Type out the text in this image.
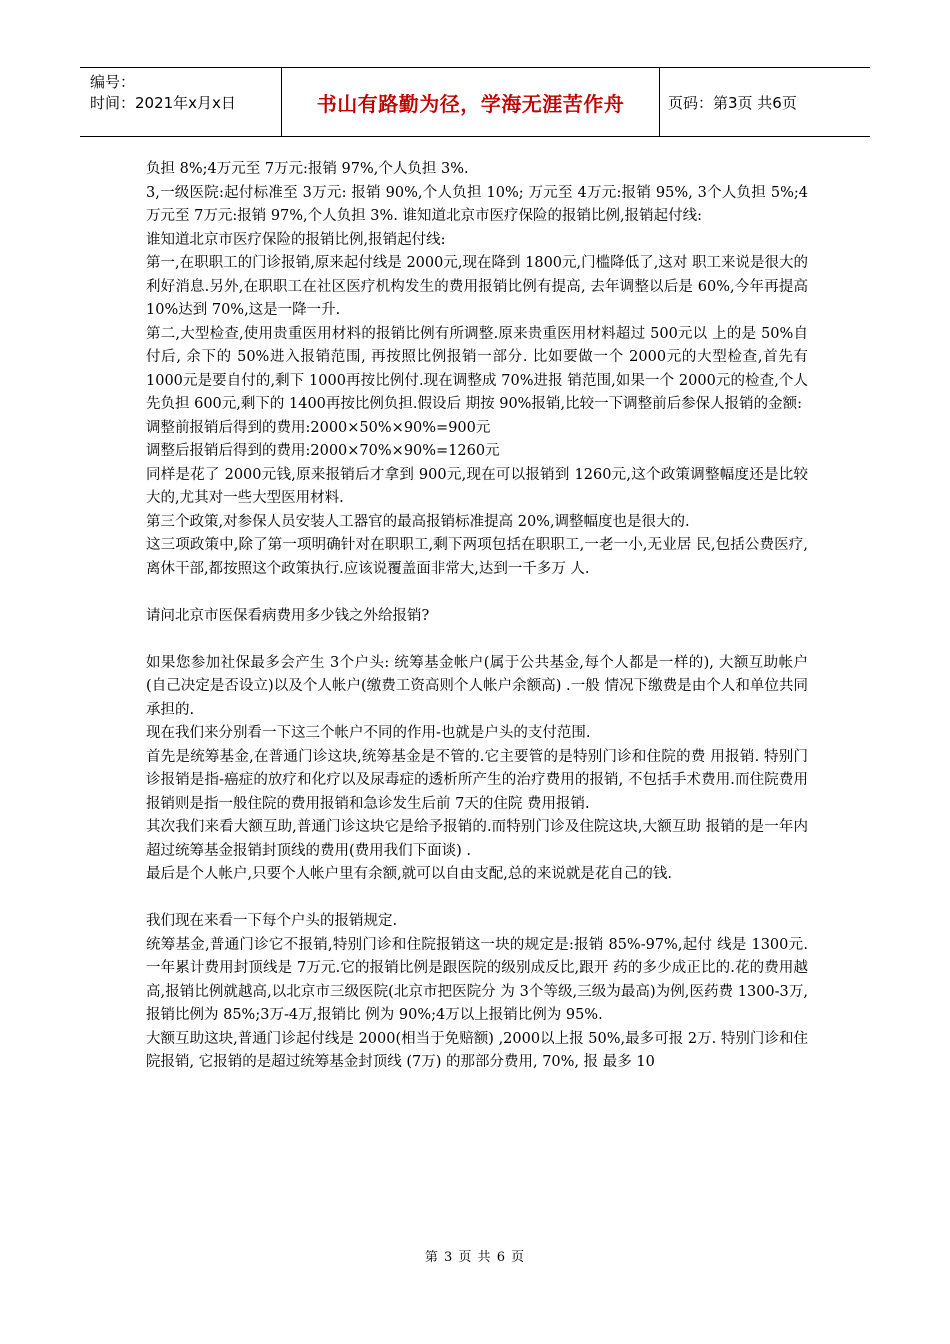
编号：
时间：2021年x月x日	书山有路勤为径，学海无涯苦作舟	页码：第3页 共6页

负担 8%;4万元至 7万元:报销 97%,个人负担 3%.

3,一级医院:起付标准至 3万元: 报销 90%,个人负担 10%; 万元至 4万元:报销 95%, 3个人负担 5%;4万元至 7万元:报销 97%,个人负担 3%. 谁知道北京市医疗保险的报销比例,报销起付线:

谁知道北京市医疗保险的报销比例,报销起付线:

第一,在职职工的门诊报销,原来起付线是 2000元,现在降到 1800元,门槛降低了,这对 职工来说是很大的利好消息.另外,在职职工在社区医疗机构发生的费用报销比例有提高, 去年调整以后是 60%,今年再提高 10%达到 70%,这是一降一升.

第二,大型检查,使用贵重医用材料的报销比例有所调整.原来贵重医用材料超过 500元以 上的是 50%自付后, 余下的 50%进入报销范围, 再按照比例报销一部分. 比如要做一个 2000元的大型检查,首先有 1000元是要自付的,剩下 1000再按比例付.现在调整成 70%进报 销范围,如果一个 2000元的检查,个人先负担 600元,剩下的 1400再按比例负担.假设后 期按 90%报销,比较一下调整前后参保人报销的金额:

调整前报销后得到的费用:2000×50%×90%=900元

调整后报销后得到的费用:2000×70%×90%=1260元

同样是花了 2000元钱,原来报销后才拿到 900元,现在可以报销到 1260元,这个政策调整幅度还是比较大的,尤其对一些大型医用材料.

第三个政策,对参保人员安装人工器官的最高报销标准提高 20%,调整幅度也是很大的.

这三项政策中,除了第一项明确针对在职职工,剩下两项包括在职职工,一老一小,无业居 民,包括公费医疗,离休干部,都按照这个政策执行.应该说覆盖面非常大,达到一千多万 人.

请问北京市医保看病费用多少钱之外给报销?

如果您参加社保最多会产生 3个户头: 统筹基金帐户(属于公共基金,每个人都是一样的), 大额互助帐户(自己决定是否设立)以及个人帐户(缴费工资高则个人帐户余额高) .一般 情况下缴费是由个人和单位共同承担的.

现在我们来分别看一下这三个帐户不同的作用-也就是户头的支付范围.

首先是统筹基金,在普通门诊这块,统筹基金是不管的.它主要管的是特别门诊和住院的费 用报销. 特别门诊报销是指-癌症的放疗和化疗以及尿毒症的透析所产生的治疗费用的报销, 不包括手术费用.而住院费用报销则是指一般住院的费用报销和急诊发生后前 7天的住院 费用报销.

其次我们来看大额互助,普通门诊这块它是给予报销的.而特别门诊及住院这块,大额互助 报销的是一年内超过统筹基金报销封顶线的费用(费用我们下面谈) .

最后是个人帐户,只要个人帐户里有余额,就可以自由支配,总的来说就是花自己的钱.

我们现在来看一下每个户头的报销规定.

统筹基金,普通门诊它不报销,特别门诊和住院报销这一块的规定是:报销 85%-97%,起付 线是 1300元.一年累计费用封顶线是 7万元.它的报销比例是跟医院的级别成反比,跟开 药的多少成正比的.花的费用越高,报销比例就越高,以北京市三级医院(北京市把医院分 为 3个等级,三级为最高)为例,医药费 1300-3万,报销比例为 85%;3万-4万,报销比 例为 90%;4万以上报销比例为 95%.

大额互助这块,普通门诊起付线是 2000(相当于免赔额) ,2000以上报 50%,最多可报 2万. 特别门诊和住院报销, 它报销的是超过统筹基金封顶线 (7万) 的那部分费用, 70%, 报 最多 10

第 3 页 共 6 页
